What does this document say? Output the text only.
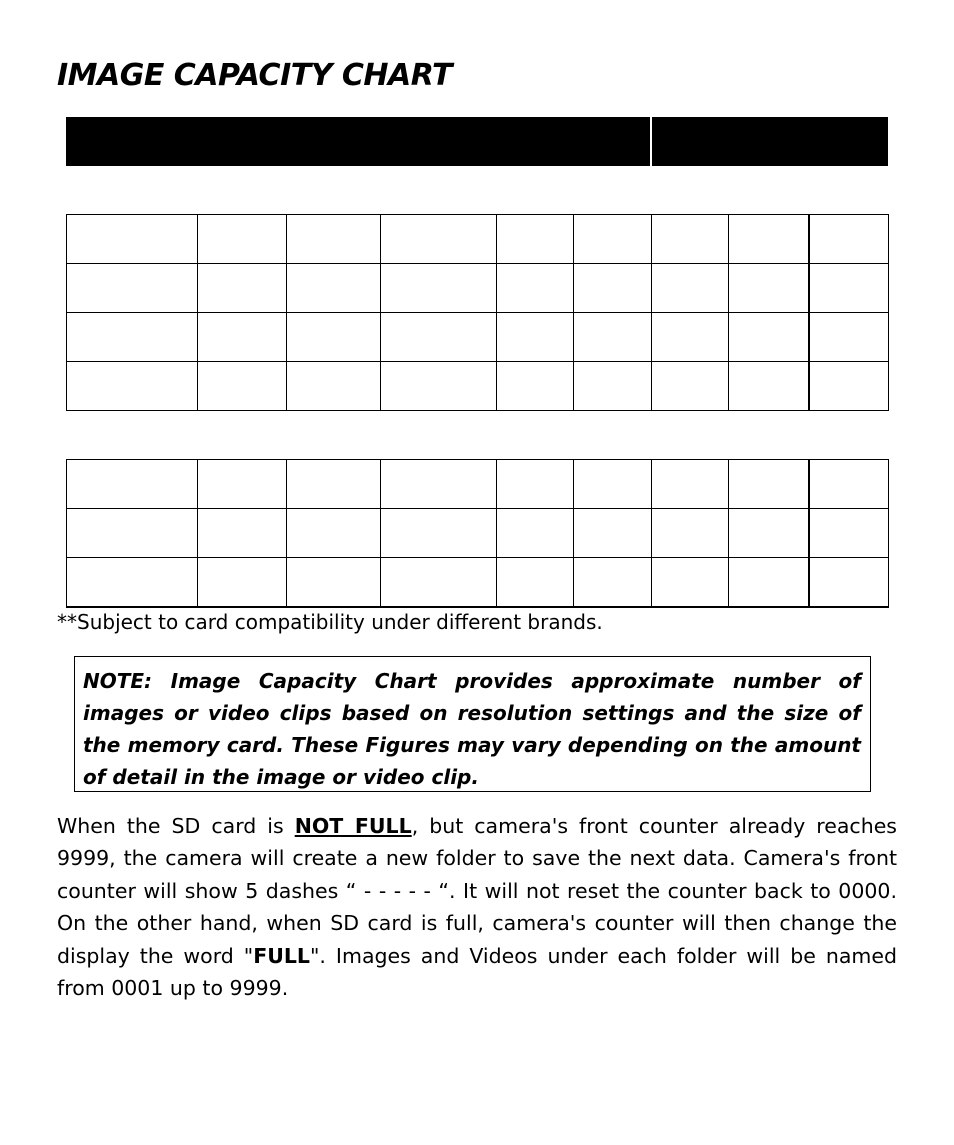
IMAGE CAPACITY CHART

**Subject to card compatibility under different brands.

NOTE: Image Capacity Chart provides approximate number of images or video clips based on resolution settings and the size of the memory card. These Figures may vary depending on the amount of detail in the image or video clip.

When the SD card is NOT FULL, but camera's front counter already reaches 9999, the camera will create a new folder to save the next data. Camera's front counter will show 5 dashes “ - - - - - “. It will not reset the counter back to 0000. On the other hand, when SD card is full, camera's counter will then change the display the word "FULL". Images and Videos under each folder will be named from 0001 up to 9999.
